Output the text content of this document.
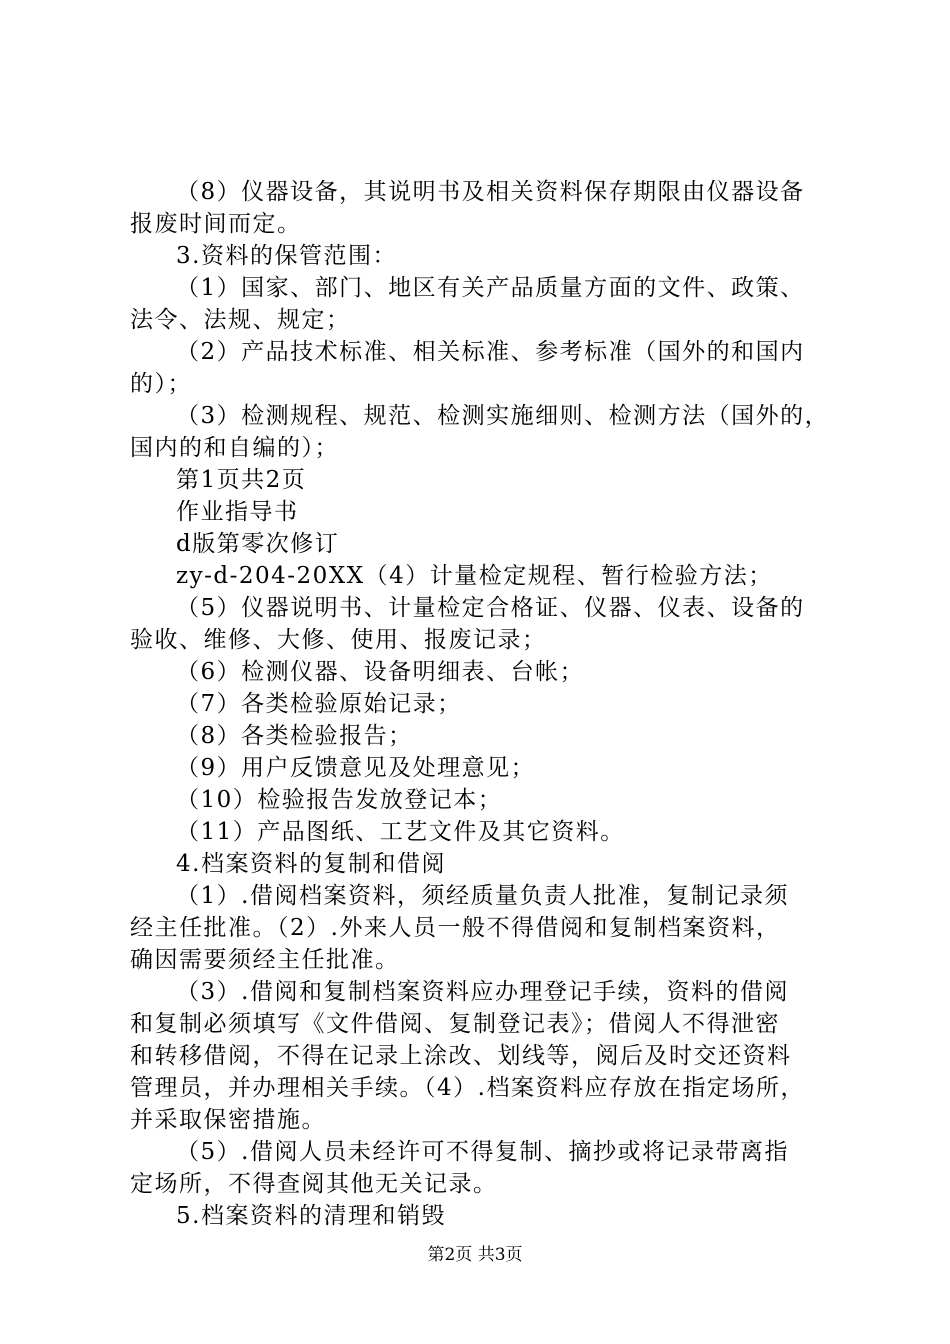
（8）仪器设备，其说明书及相关资料保存期限由仪器设备
报废时间而定。
3.资料的保管范围：
（1）国家、部门、地区有关产品质量方面的文件、政策、
法令、法规、规定；
（2）产品技术标准、相关标准、参考标准（国外的和国内
的）；
（3）检测规程、规范、检测实施细则、检测方法（国外的，
国内的和自编的）；
第1页共2页
作业指导书
d版第零次修订
zy-d-204-20XX（4）计量检定规程、暂行检验方法；
（5）仪器说明书、计量检定合格证、仪器、仪表、设备的
验收、维修、大修、使用、报废记录；
（6）检测仪器、设备明细表、台帐；
（7）各类检验原始记录；
（8）各类检验报告；
（9）用户反馈意见及处理意见；
（10）检验报告发放登记本；
（11）产品图纸、工艺文件及其它资料。
4.档案资料的复制和借阅
（1）.借阅档案资料，须经质量负责人批准，复制记录须
经主任批准。（2）.外来人员一般不得借阅和复制档案资料，
确因需要须经主任批准。
（3）.借阅和复制档案资料应办理登记手续，资料的借阅
和复制必须填写《文件借阅、复制登记表》；借阅人不得泄密
和转移借阅，不得在记录上涂改、划线等，阅后及时交还资料
管理员，并办理相关手续。（4）.档案资料应存放在指定场所，
并采取保密措施。
（5）.借阅人员未经许可不得复制、摘抄或将记录带离指
定场所，不得查阅其他无关记录。
5.档案资料的清理和销毁
第2页 共3页
